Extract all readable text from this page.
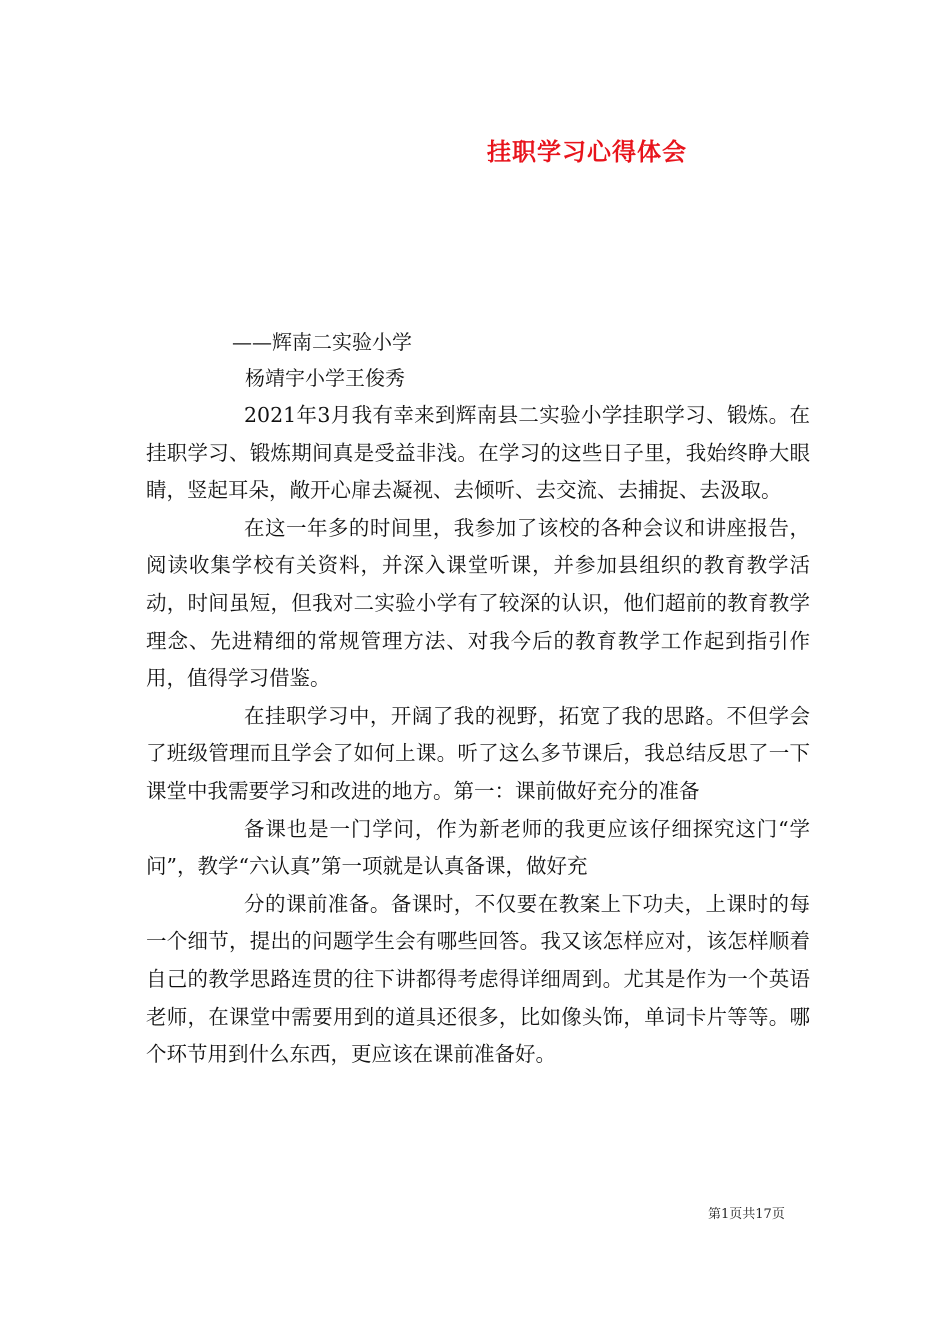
挂职学习心得体会
——辉南二实验小学
杨靖宇小学王俊秀

2021年3月我有幸来到辉南县二实验小学挂职学习、锻炼。在挂职学习、锻炼期间真是受益非浅。在学习的这些日子里，我始终睁大眼睛，竖起耳朵，敞开心扉去凝视、去倾听、去交流、去捕捉、去汲取。

在这一年多的时间里，我参加了该校的各种会议和讲座报告，阅读收集学校有关资料，并深入课堂听课，并参加县组织的教育教学活动，时间虽短，但我对二实验小学有了较深的认识，他们超前的教育教学理念、先进精细的常规管理方法、对我今后的教育教学工作起到指引作用，值得学习借鉴。

在挂职学习中，开阔了我的视野，拓宽了我的思路。不但学会了班级管理而且学会了如何上课。听了这么多节课后，我总结反思了一下课堂中我需要学习和改进的地方。第一：课前做好充分的准备

备课也是一门学问，作为新老师的我更应该仔细探究这门“学问”，教学“六认真”第一项就是认真备课，做好充

分的课前准备。备课时，不仅要在教案上下功夫，上课时的每一个细节，提出的问题学生会有哪些回答。我又该怎样应对，该怎样顺着自己的教学思路连贯的往下讲都得考虑得详细周到。尤其是作为一个英语老师，在课堂中需要用到的道具还很多，比如像头饰，单词卡片等等。哪个环节用到什么东西，更应该在课前准备好。

第1页共17页
